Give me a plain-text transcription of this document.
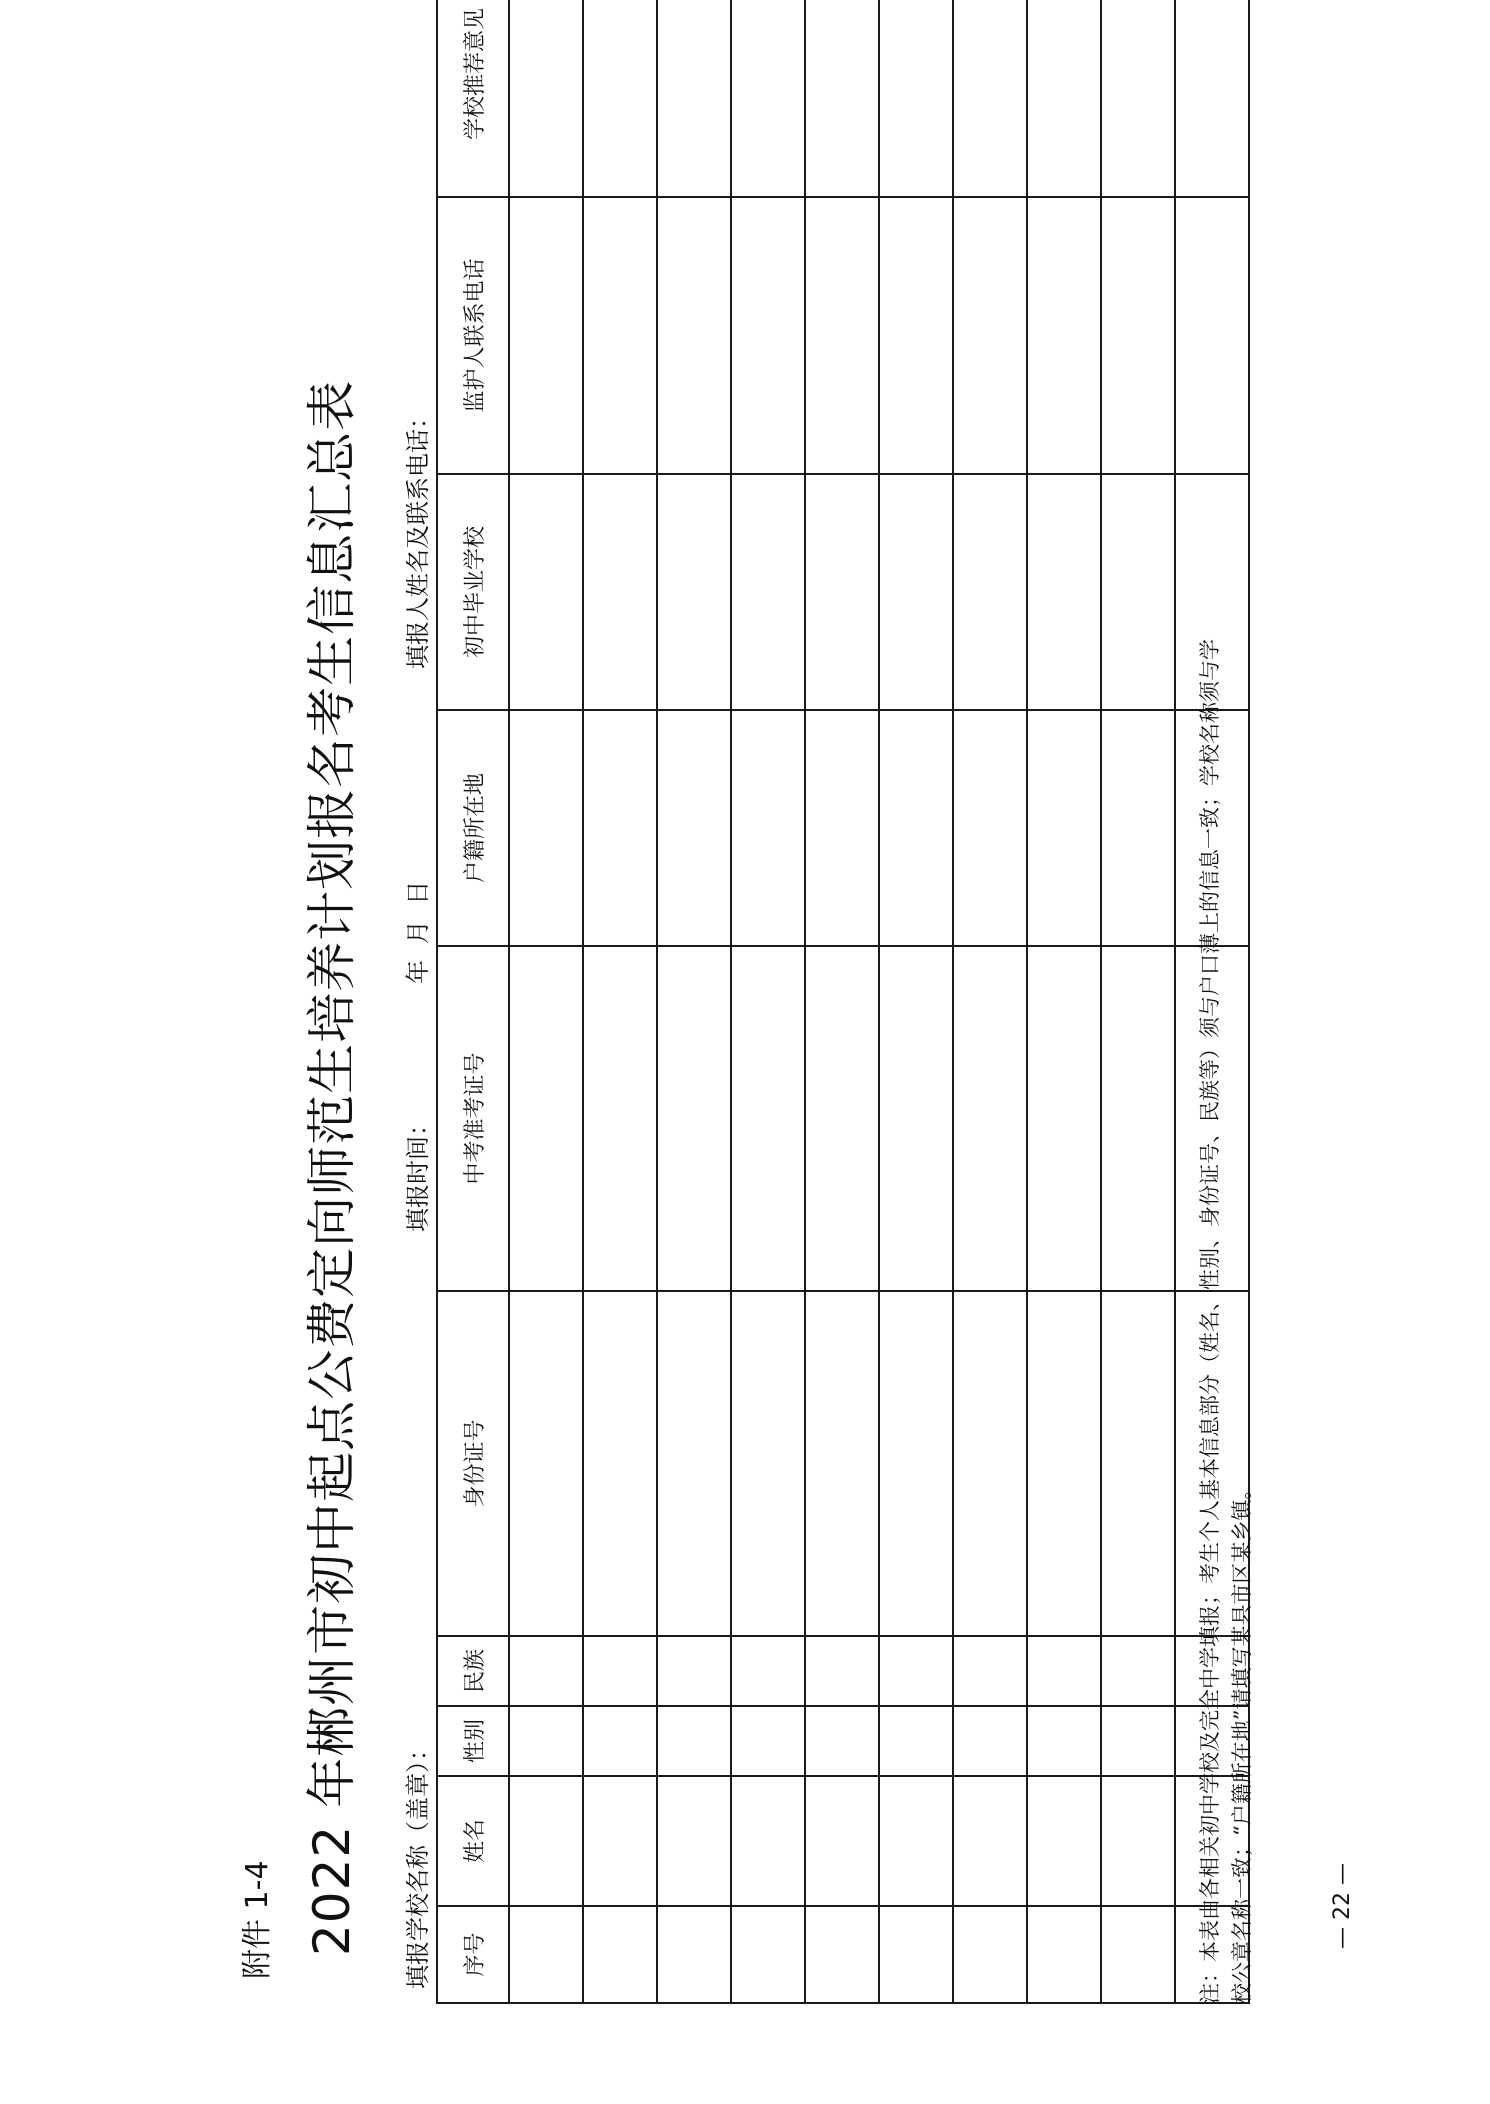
附件 1-4 2022 年郴州市初中起点公费定向师范生培养计划报名考生信息汇总表 填报学校名称（盖章）：
填报时间：
年 月 日
填报人姓名及联系电话：
序号	姓名	性别	民族	身份证号	中考准考证号	户籍所在地	初中毕业学校	监护人联系电话	学校推荐意见	

注：本表由各相关初中学校及完全中学填报；考生个人基本信息部分（姓名、性别、身份证号、民族等）须与户口薄上的信息一致；学校名称须与学 校公章名称一致；“户籍所在地”请填写某县市区某乡镇。	— 22 —
